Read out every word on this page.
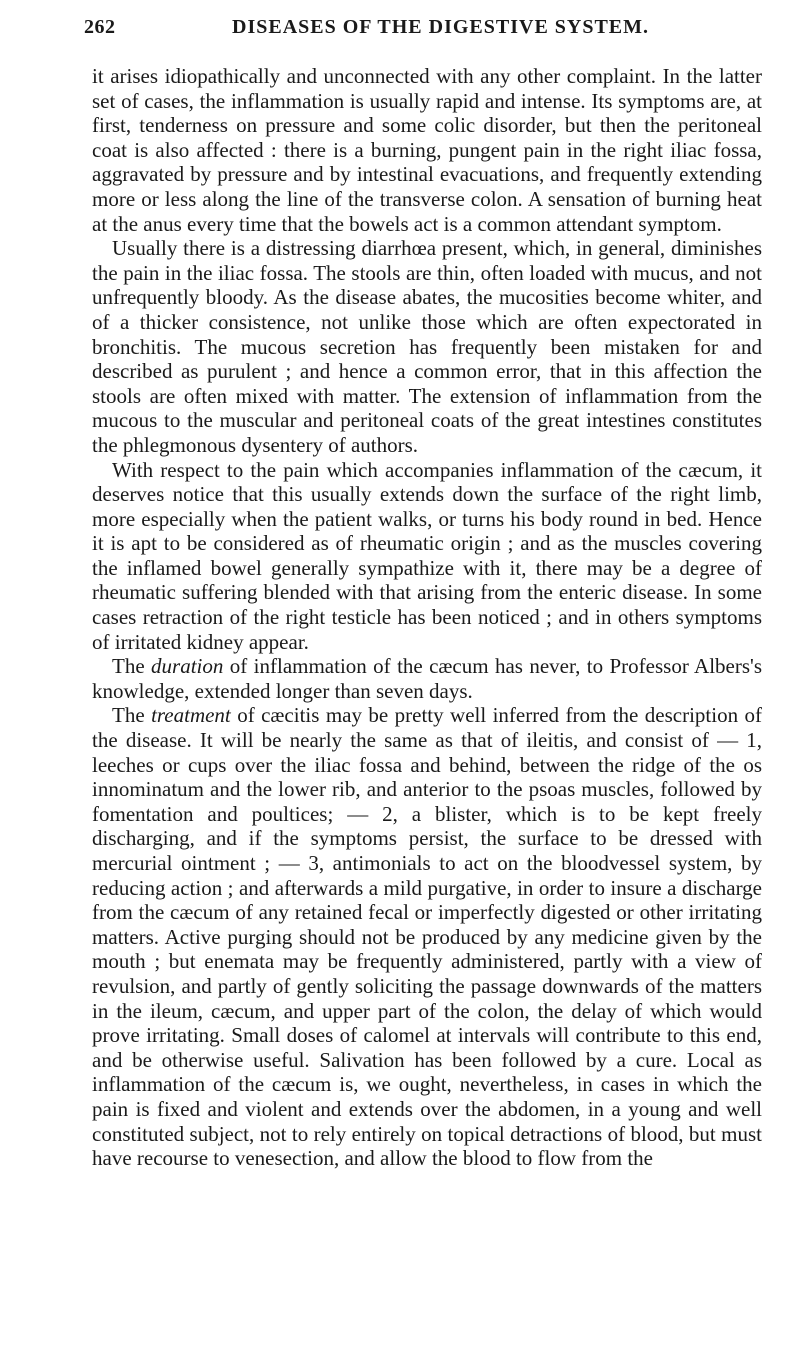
262	DISEASES OF THE DIGESTIVE SYSTEM.

it arises idiopathically and unconnected with any other complaint. In the latter set of cases, the inflammation is usually rapid and intense. Its symptoms are, at first, tenderness on pressure and some colic disorder, but then the peritoneal coat is also affected : there is a burning, pungent pain in the right iliac fossa, aggravated by pressure and by intestinal evacuations, and frequently extending more or less along the line of the transverse colon. A sensation of burning heat at the anus every time that the bowels act is a common attendant symptom.

Usually there is a distressing diarrhœa present, which, in general, diminishes the pain in the iliac fossa. The stools are thin, often loaded with mucus, and not unfrequently bloody. As the disease abates, the mucosities become whiter, and of a thicker consistence, not unlike those which are often expectorated in bronchitis. The mucous secretion has frequently been mistaken for and described as purulent ; and hence a common error, that in this affection the stools are often mixed with matter. The extension of inflammation from the mucous to the muscular and peritoneal coats of the great intestines constitutes the phlegmonous dysentery of authors.

With respect to the pain which accompanies inflammation of the cæcum, it deserves notice that this usually extends down the surface of the right limb, more especially when the patient walks, or turns his body round in bed. Hence it is apt to be considered as of rheumatic origin ; and as the muscles covering the inflamed bowel generally sympathize with it, there may be a degree of rheumatic suffering blended with that arising from the enteric disease. In some cases retraction of the right testicle has been noticed ; and in others symptoms of irritated kidney appear.

The duration of inflammation of the cæcum has never, to Professor Albers's knowledge, extended longer than seven days.

The treatment of cæcitis may be pretty well inferred from the description of the disease. It will be nearly the same as that of ileitis, and consist of — 1, leeches or cups over the iliac fossa and behind, between the ridge of the os innominatum and the lower rib, and anterior to the psoas muscles, followed by fomentation and poultices; — 2, a blister, which is to be kept freely discharging, and if the symptoms persist, the surface to be dressed with mercurial ointment ; — 3, antimonials to act on the bloodvessel system, by reducing action ; and afterwards a mild purgative, in order to insure a discharge from the cæcum of any retained fecal or imperfectly digested or other irritating matters. Active purging should not be produced by any medicine given by the mouth ; but enemata may be frequently administered, partly with a view of revulsion, and partly of gently soliciting the passage downwards of the matters in the ileum, cæcum, and upper part of the colon, the delay of which would prove irritating. Small doses of calomel at intervals will contribute to this end, and be otherwise useful. Salivation has been followed by a cure. Local as inflammation of the cæcum is, we ought, nevertheless, in cases in which the pain is fixed and violent and extends over the abdomen, in a young and well constituted subject, not to rely entirely on topical detractions of blood, but must have recourse to venesection, and allow the blood to flow from the
